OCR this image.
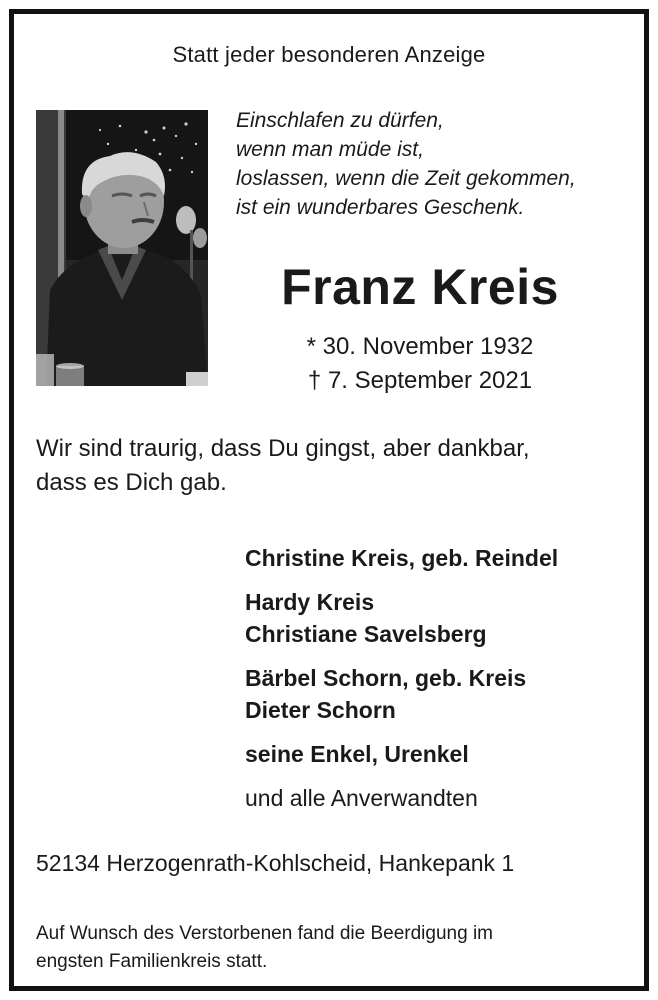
Statt jeder besonderen Anzeige
Einschlafen zu dürfen,
wenn man müde ist,
loslassen, wenn die Zeit gekommen,
ist ein wunderbares Geschenk.
Franz Kreis
* 30. November 1932
† 7. September 2021
Wir sind traurig, dass Du gingst, aber dankbar,
dass es Dich gab.
Christine Kreis, geb. Reindel
Hardy Kreis
Christiane Savelsberg
Bärbel Schorn, geb. Kreis
Dieter Schorn
seine Enkel, Urenkel
und alle Anverwandten
52134 Herzogenrath-Kohlscheid, Hankepank 1
Auf Wunsch des Verstorbenen fand die Beerdigung im
engsten Familienkreis statt.
